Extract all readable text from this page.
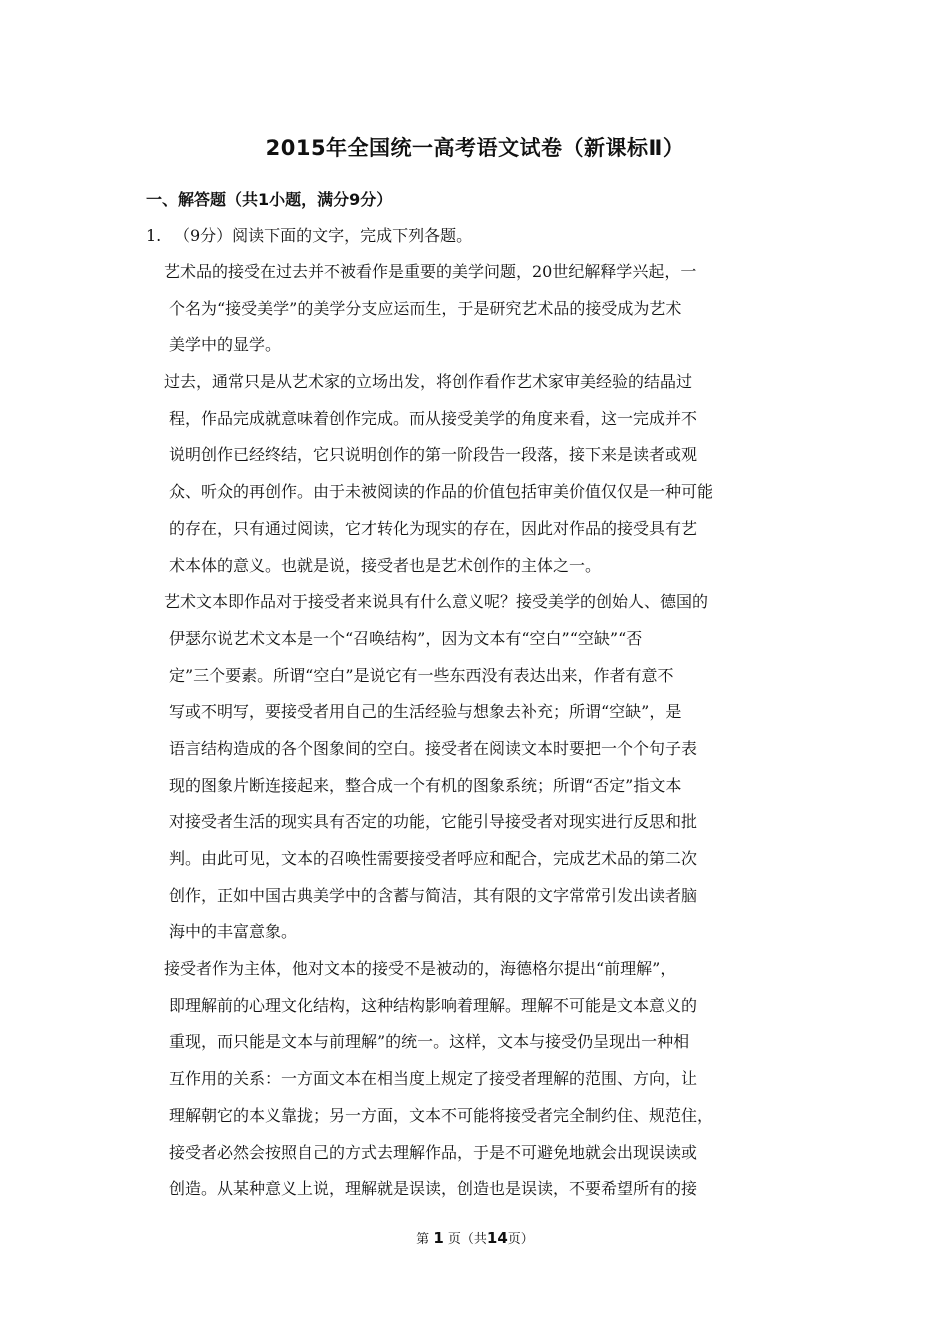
2015年全国统一高考语文试卷（新课标Ⅱ）
一、解答题（共1小题，满分9分）
1. （9分）阅读下面的文字，完成下列各题。
艺术品的接受在过去并不被看作是重要的美学问题，20世纪解释学兴起，一
个名为“接受美学”的美学分支应运而生，于是研究艺术品的接受成为艺术
美学中的显学。
过去，通常只是从艺术家的立场出发，将创作看作艺术家审美经验的结晶过
程，作品完成就意味着创作完成。而从接受美学的角度来看，这一完成并不
说明创作已经终结，它只说明创作的第一阶段告一段落，接下来是读者或观
众、听众的再创作。由于未被阅读的作品的价值包括审美价值仅仅是一种可能
的存在，只有通过阅读，它才转化为现实的存在，因此对作品的接受具有艺
术本体的意义。也就是说，接受者也是艺术创作的主体之一。
艺术文本即作品对于接受者来说具有什么意义呢？接受美学的创始人、德国的
伊瑟尔说艺术文本是一个“召唤结构”，因为文本有“空白”“空缺”“否
定”三个要素。所谓“空白”是说它有一些东西没有表达出来，作者有意不
写或不明写，要接受者用自己的生活经验与想象去补充；所谓“空缺”，是
语言结构造成的各个图象间的空白。接受者在阅读文本时要把一个个句子表
现的图象片断连接起来，整合成一个有机的图象系统；所谓“否定”指文本
对接受者生活的现实具有否定的功能，它能引导接受者对现实进行反思和批
判。由此可见，文本的召唤性需要接受者呼应和配合，完成艺术品的第二次
创作，正如中国古典美学中的含蓄与简洁，其有限的文字常常引发出读者脑
海中的丰富意象。
接受者作为主体，他对文本的接受不是被动的，海德格尔提出“前理解”，
即理解前的心理文化结构，这种结构影响着理解。理解不可能是文本意义的
重现，而只能是文本与前理解”的统一。这样，文本与接受仍呈现出一种相
互作用的关系：一方面文本在相当度上规定了接受者理解的范围、方向，让
理解朝它的本义靠拢；另一方面，文本不可能将接受者完全制约住、规范住，
接受者必然会按照自己的方式去理解作品，于是不可避免地就会出现误读或
创造。从某种意义上说，理解就是误读，创造也是误读，不要希望所有的接
第 1 页（共14页）
